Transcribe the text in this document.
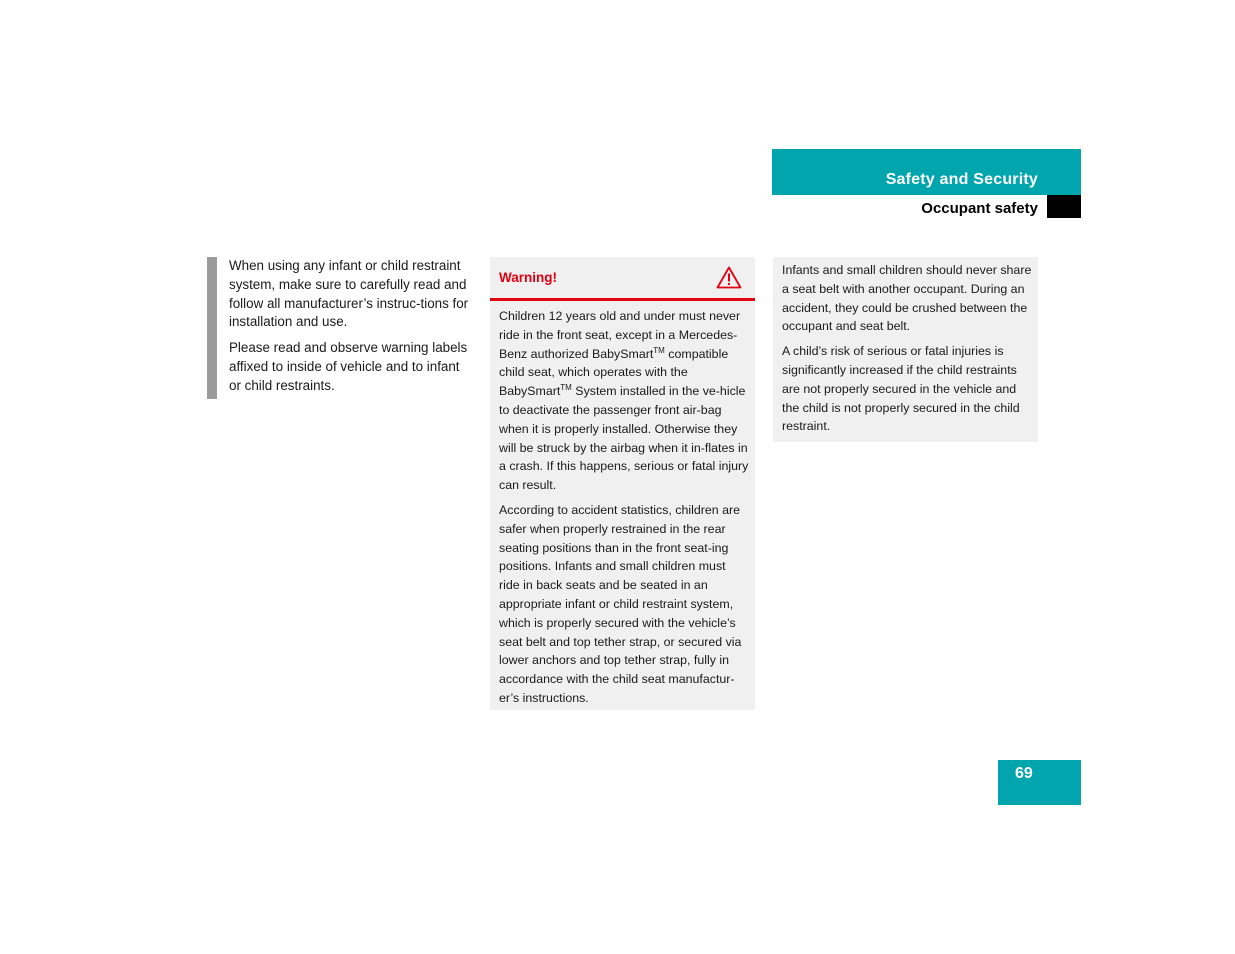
Safety and Security
Occupant safety

When using any infant or child restraint system, make sure to carefully read and follow all manufacturer’s instruc-tions for installation and use.

Please read and observe warning labels affixed to inside of vehicle and to infant or child restraints.

Warning!

Children 12 years old and under must never ride in the front seat, except in a Mercedes-Benz authorized BabySmart™ compatible child seat, which operates with the BabySmart™ System installed in the ve-hicle to deactivate the passenger front air-bag when it is properly installed. Otherwise they will be struck by the airbag when it in-flates in a crash. If this happens, serious or fatal injury can result.

According to accident statistics, children are safer when properly restrained in the rear seating positions than in the front seat-ing positions. Infants and small children must ride in back seats and be seated in an appropriate infant or child restraint system, which is properly secured with the vehicle’s seat belt and top tether strap, or secured via lower anchors and top tether strap, fully in accordance with the child seat manufactur-er’s instructions.

Infants and small children should never share a seat belt with another occupant. During an accident, they could be crushed between the occupant and seat belt.

A child’s risk of serious or fatal injuries is significantly increased if the child restraints are not properly secured in the vehicle and the child is not properly secured in the child restraint.

69
